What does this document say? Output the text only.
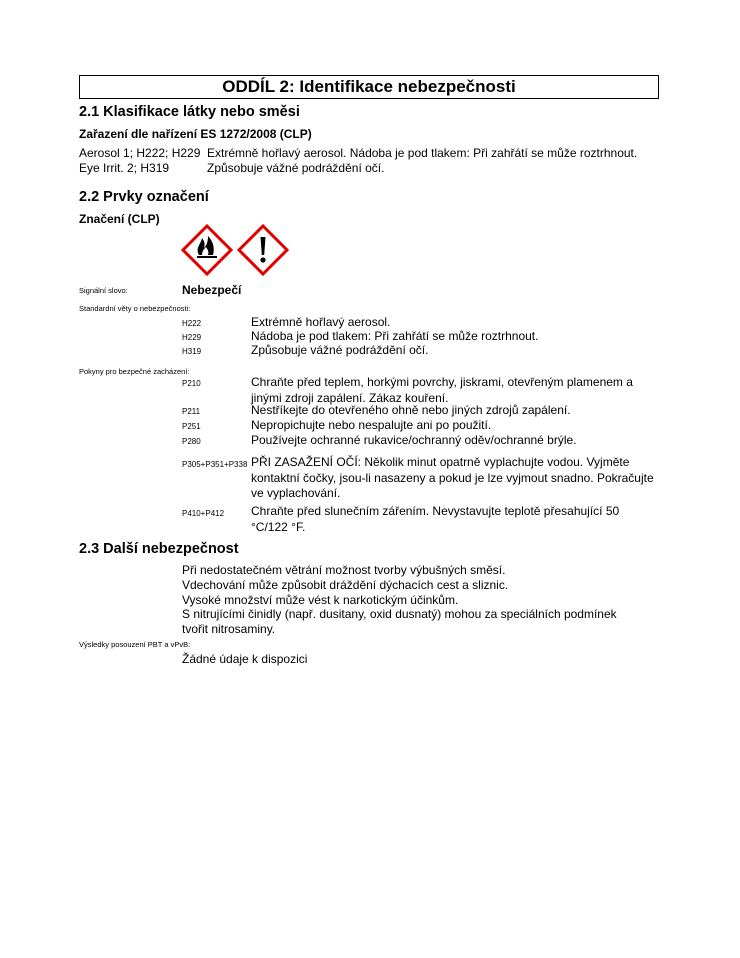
ODDÍL 2: Identifikace nebezpečnosti
2.1 Klasifikace látky nebo směsi
Zařazení dle nařízení ES 1272/2008 (CLP)
Aerosol 1; H222; H229 Extrémně hořlavý aerosol. Nádoba je pod tlakem: Při zahřátí se může roztrhnout.
Eye Irrit. 2; H319	Způsobuje vážné podráždění očí.
2.2 Prvky označení
Značení (CLP)
Signální slovo:	Nebezpečí
Standardní věty o nebezpečnosti:
H222	Extrémně hořlavý aerosol.
H229	Nádoba je pod tlakem: Při zahřátí se může roztrhnout.
H319	Způsobuje vážné podráždění očí.
Pokyny pro bezpečné zacházení:
P210	Chraňte před teplem, horkými povrchy, jiskrami, otevřeným plamenem a jinými zdroji zapálení. Zákaz kouření.
P211	Nestříkejte do otevřeného ohně nebo jiných zdrojů zapálení.
P251	Nepropichujte nebo nespalujte ani po použití.
P280	Používejte ochranné rukavice/ochranný oděv/ochranné brýle.
P305+P351+P338 PŘI ZASAŽENÍ OČÍ: Několik minut opatrně vyplachujte vodou. Vyjměte kontaktní čočky, jsou-li nasazeny a pokud je lze vyjmout snadno. Pokračujte ve vyplachování.
P410+P412 Chraňte před slunečním zářením. Nevystavujte teplotě přesahující 50 °C/122 °F.
2.3 Další nebezpečnost
Při nedostatečném větrání možnost tvorby výbušných směsí.
Vdechování může způsobit dráždění dýchacích cest a sliznic.
Vysoké množství může vést k narkotickým účinkům.
S nitrujícími činidly (např. dusitany, oxid dusnatý) mohou za speciálních podmínek tvořit nitrosaminy.
Výsledky posouzení PBT a vPvB:
Žádné údaje k dispozici
